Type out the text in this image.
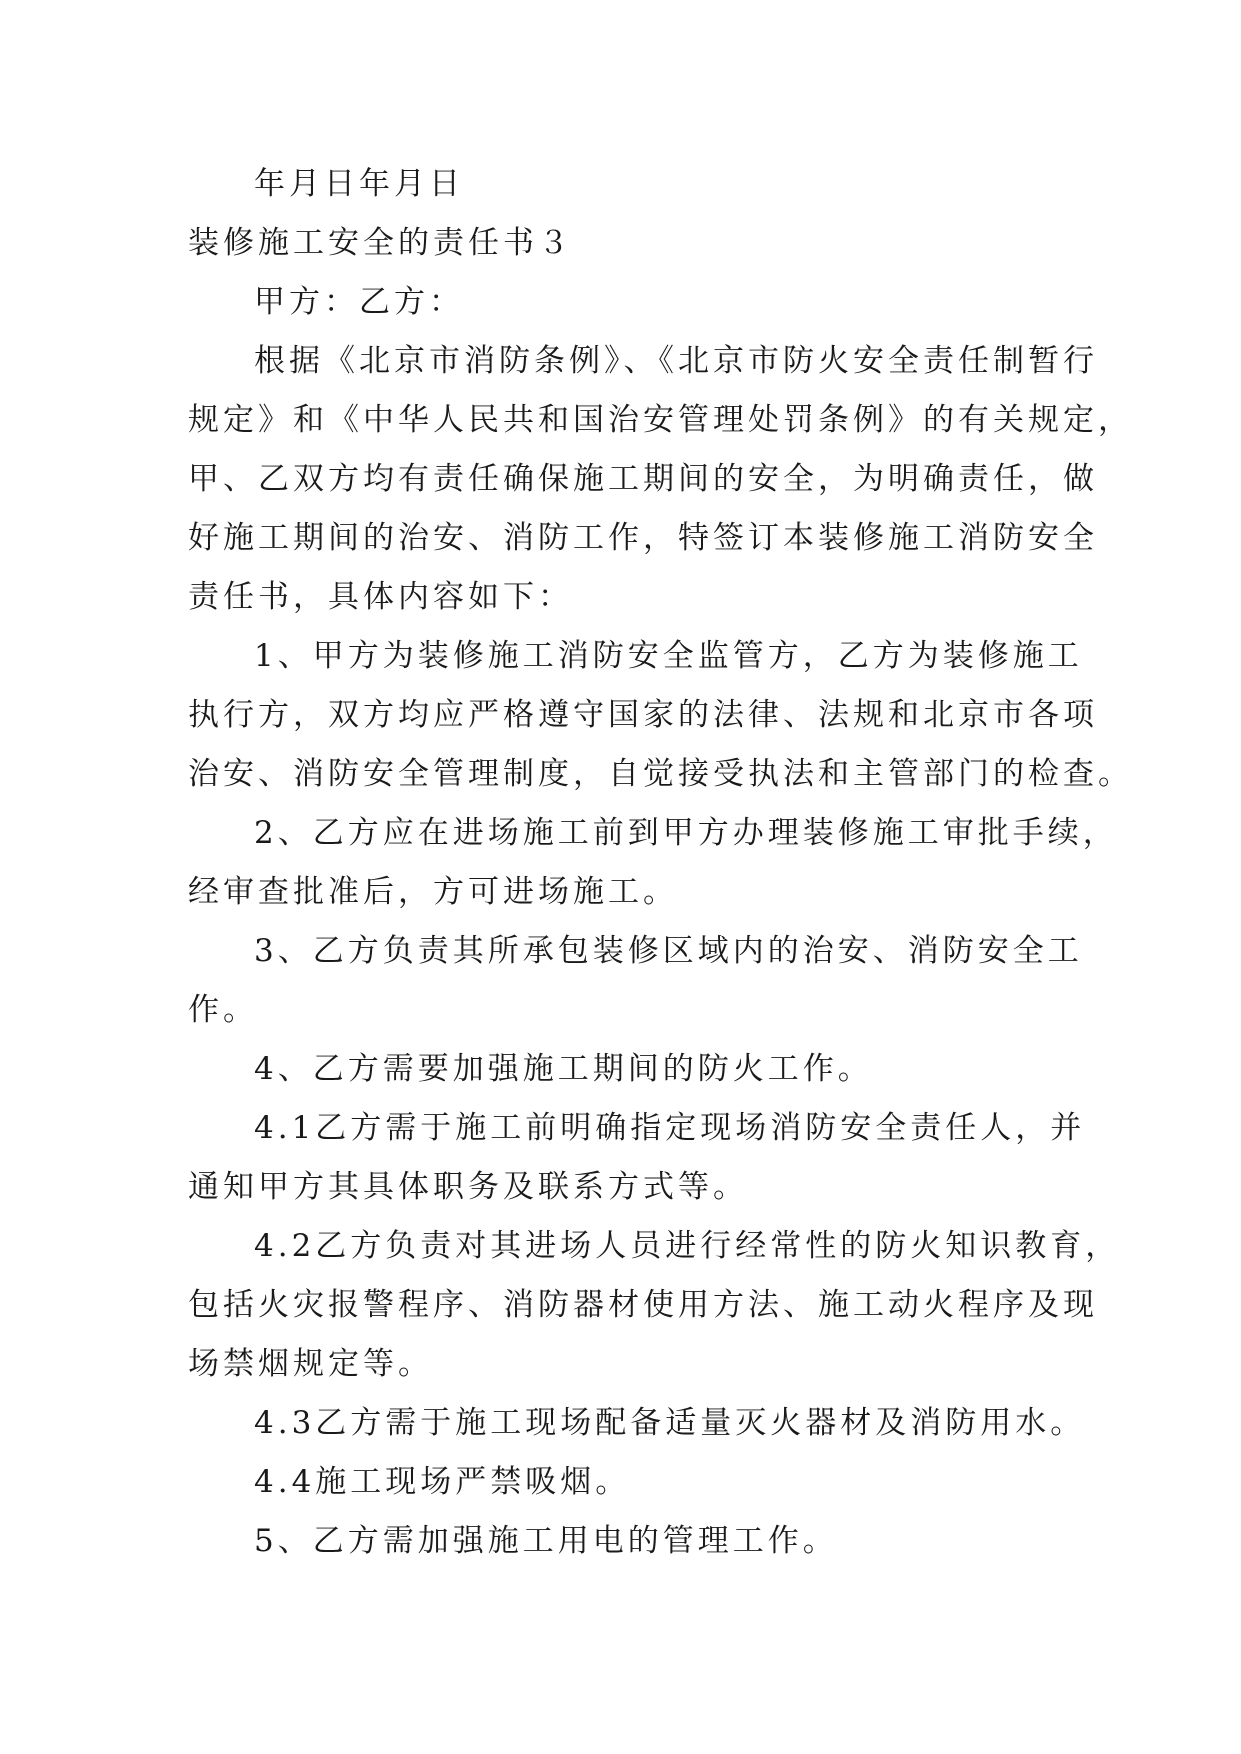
年月日年月日

装修施工安全的责任书３

甲方：乙方：

根据《北京市消防条例》、《北京市防火安全责任制暂行

规定》和《中华人民共和国治安管理处罚条例》的有关规定，

甲、乙双方均有责任确保施工期间的安全，为明确责任，做

好施工期间的治安、消防工作，特签订本装修施工消防安全

责任书，具体内容如下：

1、甲方为装修施工消防安全监管方，乙方为装修施工

执行方，双方均应严格遵守国家的法律、法规和北京市各项

治安、消防安全管理制度，自觉接受执法和主管部门的检查。

2、乙方应在进场施工前到甲方办理装修施工审批手续，

经审查批准后，方可进场施工。

3、乙方负责其所承包装修区域内的治安、消防安全工

作。

4、乙方需要加强施工期间的防火工作。

4.1乙方需于施工前明确指定现场消防安全责任人，并

通知甲方其具体职务及联系方式等。

4.2乙方负责对其进场人员进行经常性的防火知识教育，

包括火灾报警程序、消防器材使用方法、施工动火程序及现

场禁烟规定等。

4.3乙方需于施工现场配备适量灭火器材及消防用水。

4.4施工现场严禁吸烟。

5、乙方需加强施工用电的管理工作。
